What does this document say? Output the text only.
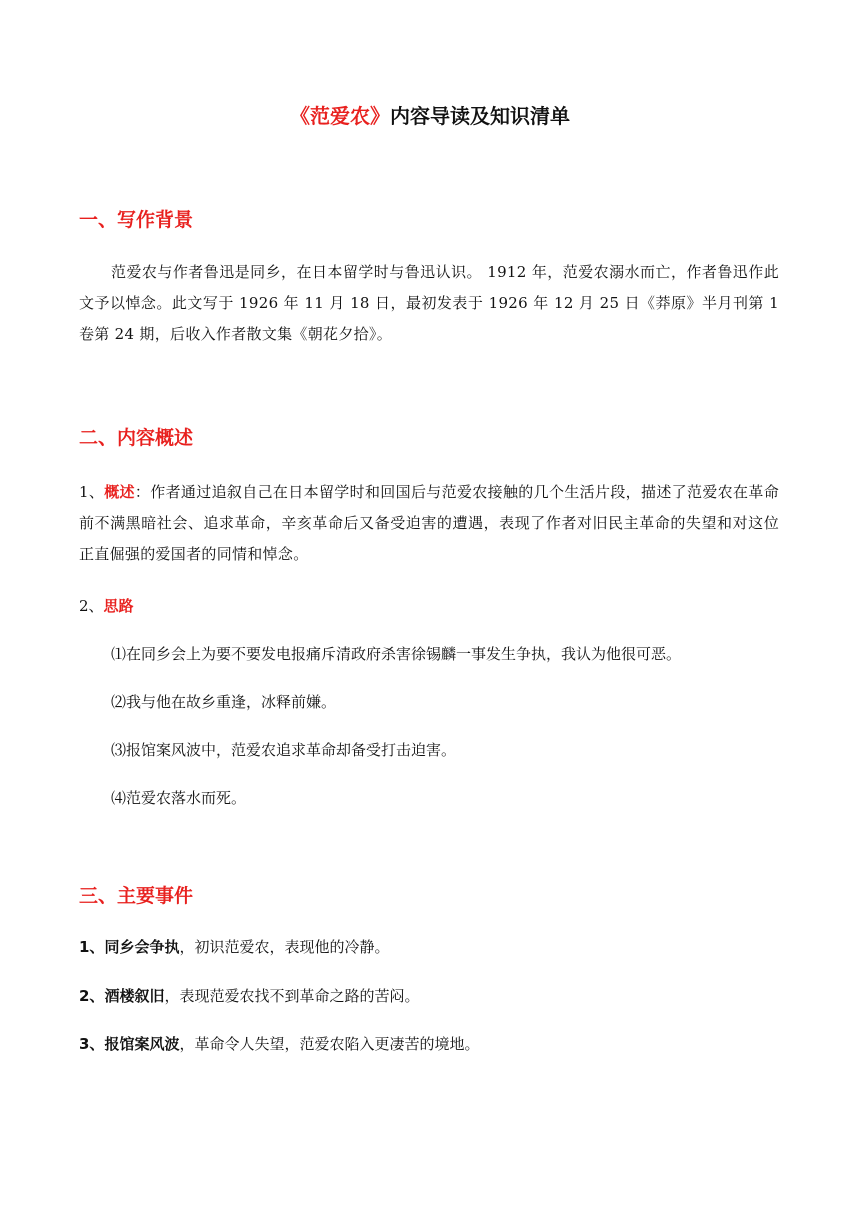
《范爱农》内容导读及知识清单
一、写作背景
范爱农与作者鲁迅是同乡，在日本留学时与鲁迅认识。 1912 年，范爱农溺水而亡，作者鲁迅作此文予以悼念。此文写于 1926 年 11 月 18 日，最初发表于 1926 年 12 月 25 日《莽原》半月刊第 1 卷第 24 期，后收入作者散文集《朝花夕拾》。
二、内容概述
1、概述：作者通过追叙自己在日本留学时和回国后与范爱农接触的几个生活片段，描述了范爱农在革命前不满黑暗社会、追求革命，辛亥革命后又备受迫害的遭遇，表现了作者对旧民主革命的失望和对这位正直倔强的爱国者的同情和悼念。
2、思路
⑴在同乡会上为要不要发电报痛斥清政府杀害徐锡麟一事发生争执，我认为他很可恶。
⑵我与他在故乡重逢，冰释前嫌。
⑶报馆案风波中，范爱农追求革命却备受打击迫害。
⑷范爱农落水而死。
三、主要事件
1、同乡会争执，初识范爱农，表现他的冷静。
2、酒楼叙旧，表现范爱农找不到革命之路的苦闷。
3、报馆案风波，革命令人失望，范爱农陷入更凄苦的境地。
